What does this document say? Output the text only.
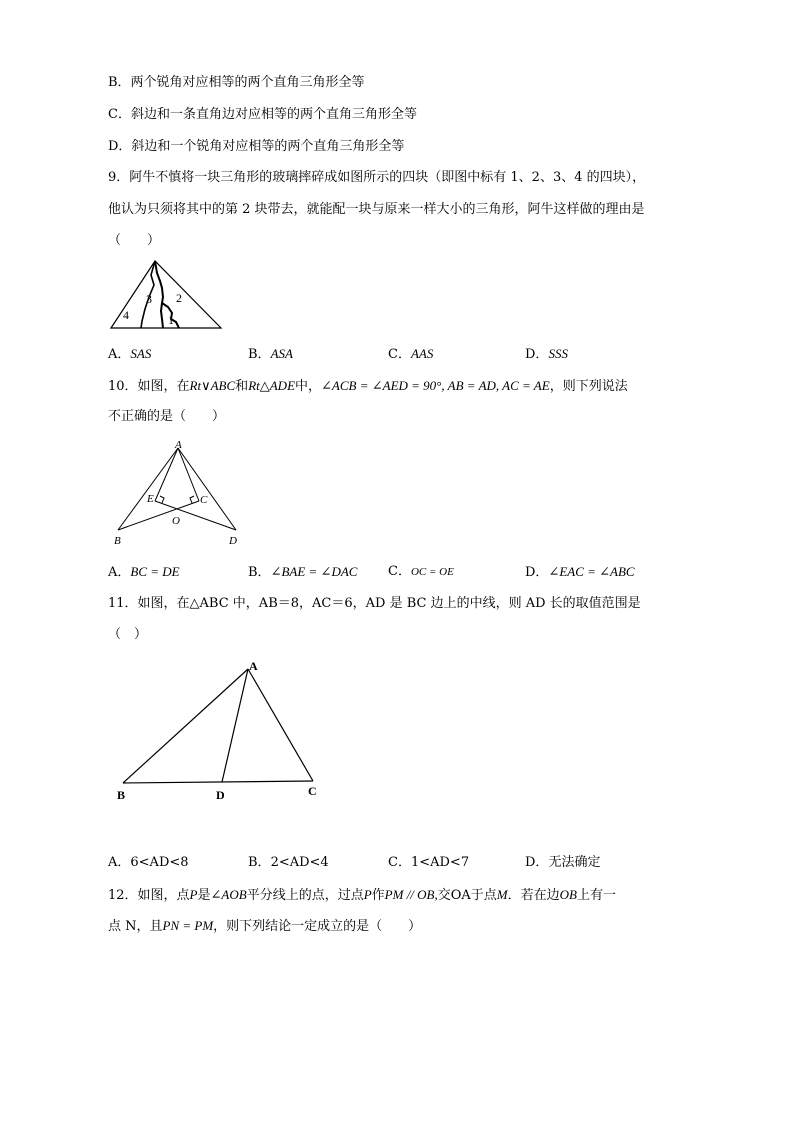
B．两个锐角对应相等的两个直角三角形全等
C．斜边和一条直角边对应相等的两个直角三角形全等
D．斜边和一个锐角对应相等的两个直角三角形全等
9．阿牛不慎将一块三角形的玻璃摔碎成如图所示的四块（即图中标有 1、2、3、4 的四块），
他认为只须将其中的第 2 块带去，就能配一块与原来一样大小的三角形，阿牛这样做的理由是
（　　）
1
2
3
4
A．SAS	B．ASA	C．AAS	D．SSS
10．如图，在Rt∨ABC和Rt△ADE中，∠ACB = ∠AED = 90°, AB = AD, AC = AE，则下列说法
不正确的是（　　）
A
B
C
D
E
O
A．BC = DE	B．∠BAE = ∠DAC C．OC = OE	D．∠EAC = ∠ABC
11．如图，在△ABC 中，AB＝8，AC＝6，AD 是 BC 边上的中线，则 AD 长的取值范围是
（　）
A
B	C
D
A．6<AD<8	B．2<AD<4	C．1<AD<7	D．无法确定
12．如图，点P是∠AOB平分线上的点，过点P作PM // OB,交OA于点M．若在边OB上有一
点 N，且PN = PM，则下列结论一定成立的是（　　）
